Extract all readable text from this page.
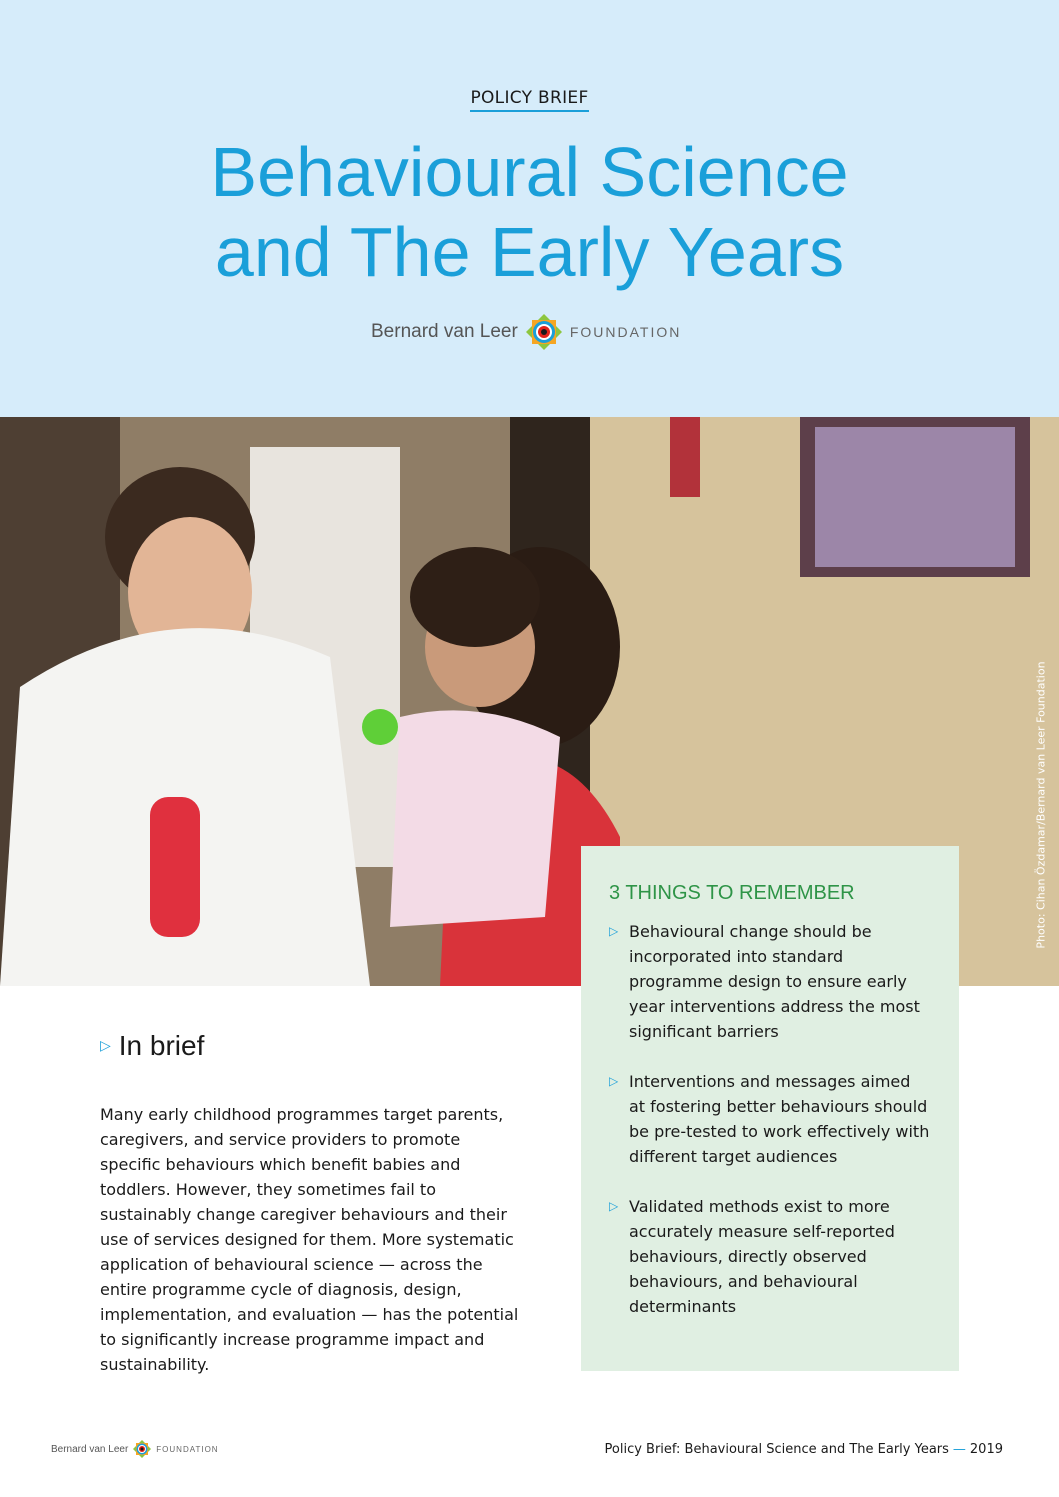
POLICY BRIEF
Behavioural Science
and The Early Years
Bernard van Leer	FOUNDATION
Photo: Cihan Özdamar/Bernard van Leer Foundation
3 THINGS TO REMEMBER
▷ Behavioural change should be incorporated into standard programme design to ensure early year interventions address the most significant barriers
▷ Interventions and messages aimed at fostering better behaviours should be pre-tested to work effectively with different target audiences
▷ Validated methods exist to more accurately measure self-reported behaviours, directly observed behaviours, and behavioural determinants
▷ In brief

Many early childhood programmes target parents, caregivers, and service providers to promote specific behaviours which benefit babies and toddlers. However, they sometimes fail to sustainably change caregiver behaviours and their use of services designed for them. More systematic application of behavioural science — across the entire programme cycle of diagnosis, design, implementation, and evaluation — has the potential to significantly increase programme impact and sustainability.

Bernard van Leer	FOUNDATION	Policy Brief: Behavioural Science and The Early Years — 2019
